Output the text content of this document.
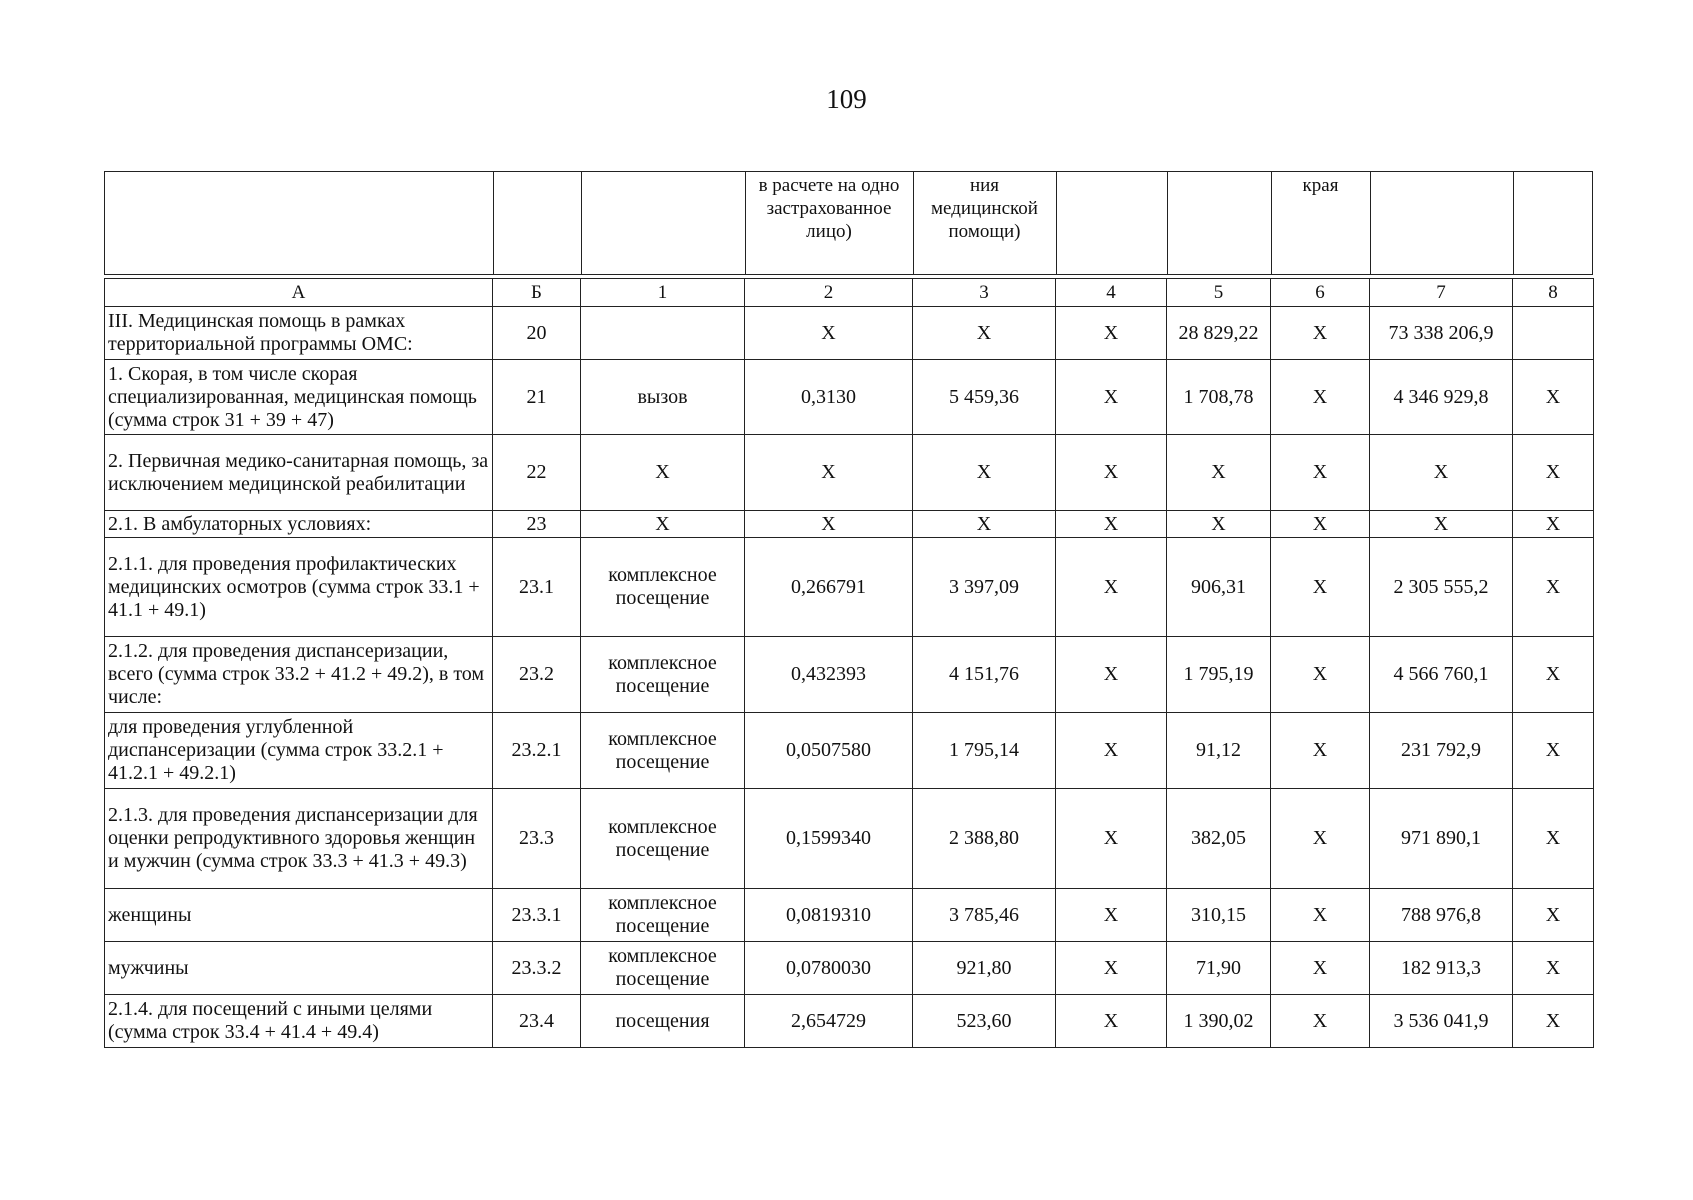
109
			в расчете на одно застрахованное лицо)	ния медицинской помощи)			края		
А	Б	1	2	3	4	5	6	7	8
III. Медицинская помощь в рамках территориальной программы ОМС:	20		Х	Х	Х	28 829,22	Х	73 338 206,9	
1. Скорая, в том числе скорая специализированная, медицинская помощь (сумма строк 31 + 39 + 47)	21	вызов	0,3130	5 459,36	Х	1 708,78	Х	4 346 929,8	Х
2. Первичная медико-санитарная помощь, за исключением медицинской реабилитации	22	Х	Х	Х	Х	Х	Х	Х	Х
2.1. В амбулаторных условиях:	23	Х	Х	Х	Х	Х	Х	Х	Х
2.1.1. для проведения профилактических медицинских осмотров (сумма строк 33.1 + 41.1 + 49.1)	23.1	комплексное посещение	0,266791	3 397,09	Х	906,31	Х	2 305 555,2	Х
2.1.2. для проведения диспансеризации, всего (сумма строк 33.2 + 41.2 + 49.2), в том числе:	23.2	комплексное посещение	0,432393	4 151,76	Х	1 795,19	Х	4 566 760,1	Х
для проведения углубленной диспансеризации (сумма строк 33.2.1 + 41.2.1 + 49.2.1)	23.2.1	комплексное посещение	0,0507580	1 795,14	Х	91,12	Х	231 792,9	Х
2.1.3. для проведения диспансеризации для оценки репродуктивного здоровья женщин и мужчин (сумма строк 33.3 + 41.3 + 49.3)	23.3	комплексное посещение	0,1599340	2 388,80	Х	382,05	Х	971 890,1	Х
женщины	23.3.1	комплексное посещение	0,0819310	3 785,46	Х	310,15	Х	788 976,8	Х
мужчины	23.3.2	комплексное посещение	0,0780030	921,80	Х	71,90	Х	182 913,3	Х
2.1.4. для посещений с иными целями (сумма строк 33.4 + 41.4 + 49.4)	23.4	посещения	2,654729	523,60	Х	1 390,02	Х	3 536 041,9	Х
